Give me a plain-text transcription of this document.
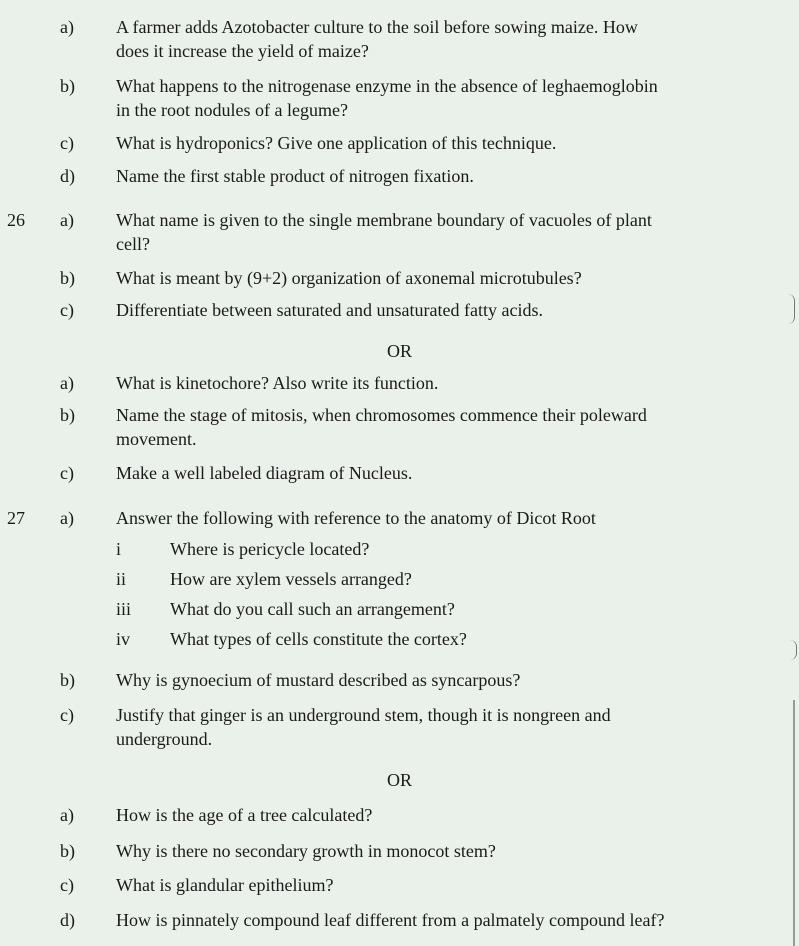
a) A farmer adds Azotobacter culture to the soil before sowing maize. How
does it increase the yield of maize?
b) What happens to the nitrogenase enzyme in the absence of leghaemoglobin
in the root nodules of a legume?
c) What is hydroponics? Give one application of this technique.
d) Name the first stable product of nitrogen fixation.
26 a) What name is given to the single membrane boundary of vacuoles of plant
cell?
b) What is meant by (9+2) organization of axonemal microtubules?
c) Differentiate between saturated and unsaturated fatty acids.
OR
a) What is kinetochore? Also write its function.
b) Name the stage of mitosis, when chromosomes commence their poleward
movement.
c) Make a well labeled diagram of Nucleus.
27 a) Answer the following with reference to the anatomy of Dicot Root
i	Where is pericycle located?
ii How are xylem vessels arranged?
iii What do you call such an arrangement?
iv What types of cells constitute the cortex?
b) Why is gynoecium of mustard described as syncarpous?
c) Justify that ginger is an underground stem, though it is nongreen and
underground.
OR
a) How is the age of a tree calculated?
b) Why is there no secondary growth in monocot stem?
c) What is glandular epithelium?
d) How is pinnately compound leaf different from a palmately compound leaf?
